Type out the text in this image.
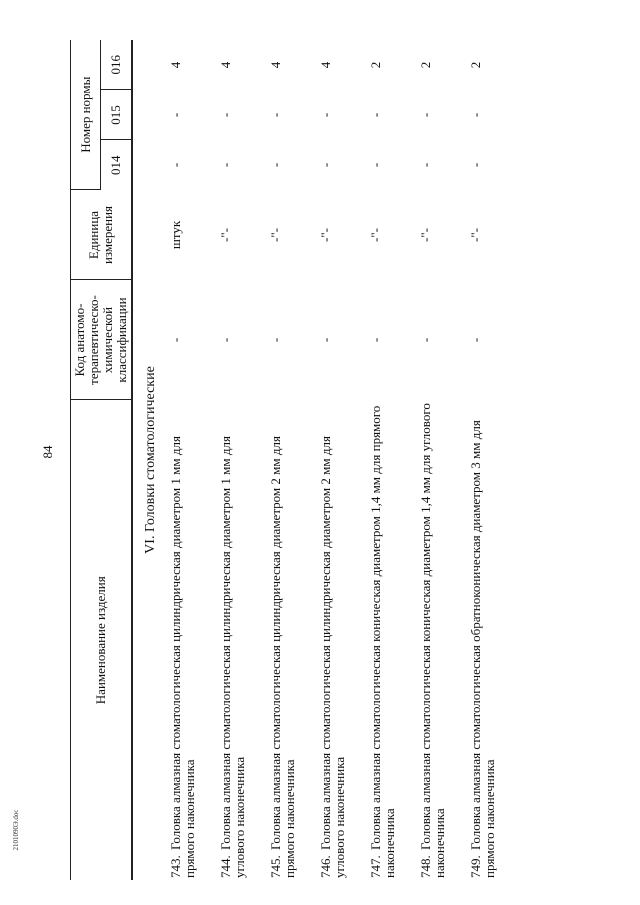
84
Наименование изделия	Код анатомо-терапевтическо-химической классификации	Единица измерения	Номер нормы		
			014	015	016
VI. Головки стоматологические					
743.Головка алмазная стоматологическая цилиндрическая диаметром 1 мм для прямого наконечника	-	штук	-	-	4
744.Головка алмазная стоматологическая цилиндрическая диаметром 1 мм для углового наконечника	-	-"-	-	-	4
745.Головка алмазная стоматологическая цилиндрическая диаметром 2 мм для прямого наконечника	-	-"-	-	-	4
746.Головка алмазная стоматологическая цилиндрическая диаметром 2 мм для углового наконечника	-	-"-	-	-	4
747.Головка алмазная стоматологическая коническая диаметром 1,4 мм для прямого наконечника	-	-"-	-	-	2
748.Головка алмазная стоматологическая коническая диаметром 1,4 мм для углового наконечника	-	-"-	-	-	2
749.Головка алмазная стоматологическая обратноконическая диаметром 3 мм для прямого наконечника	-	-"-	-	-	2
2101090Э.doc
